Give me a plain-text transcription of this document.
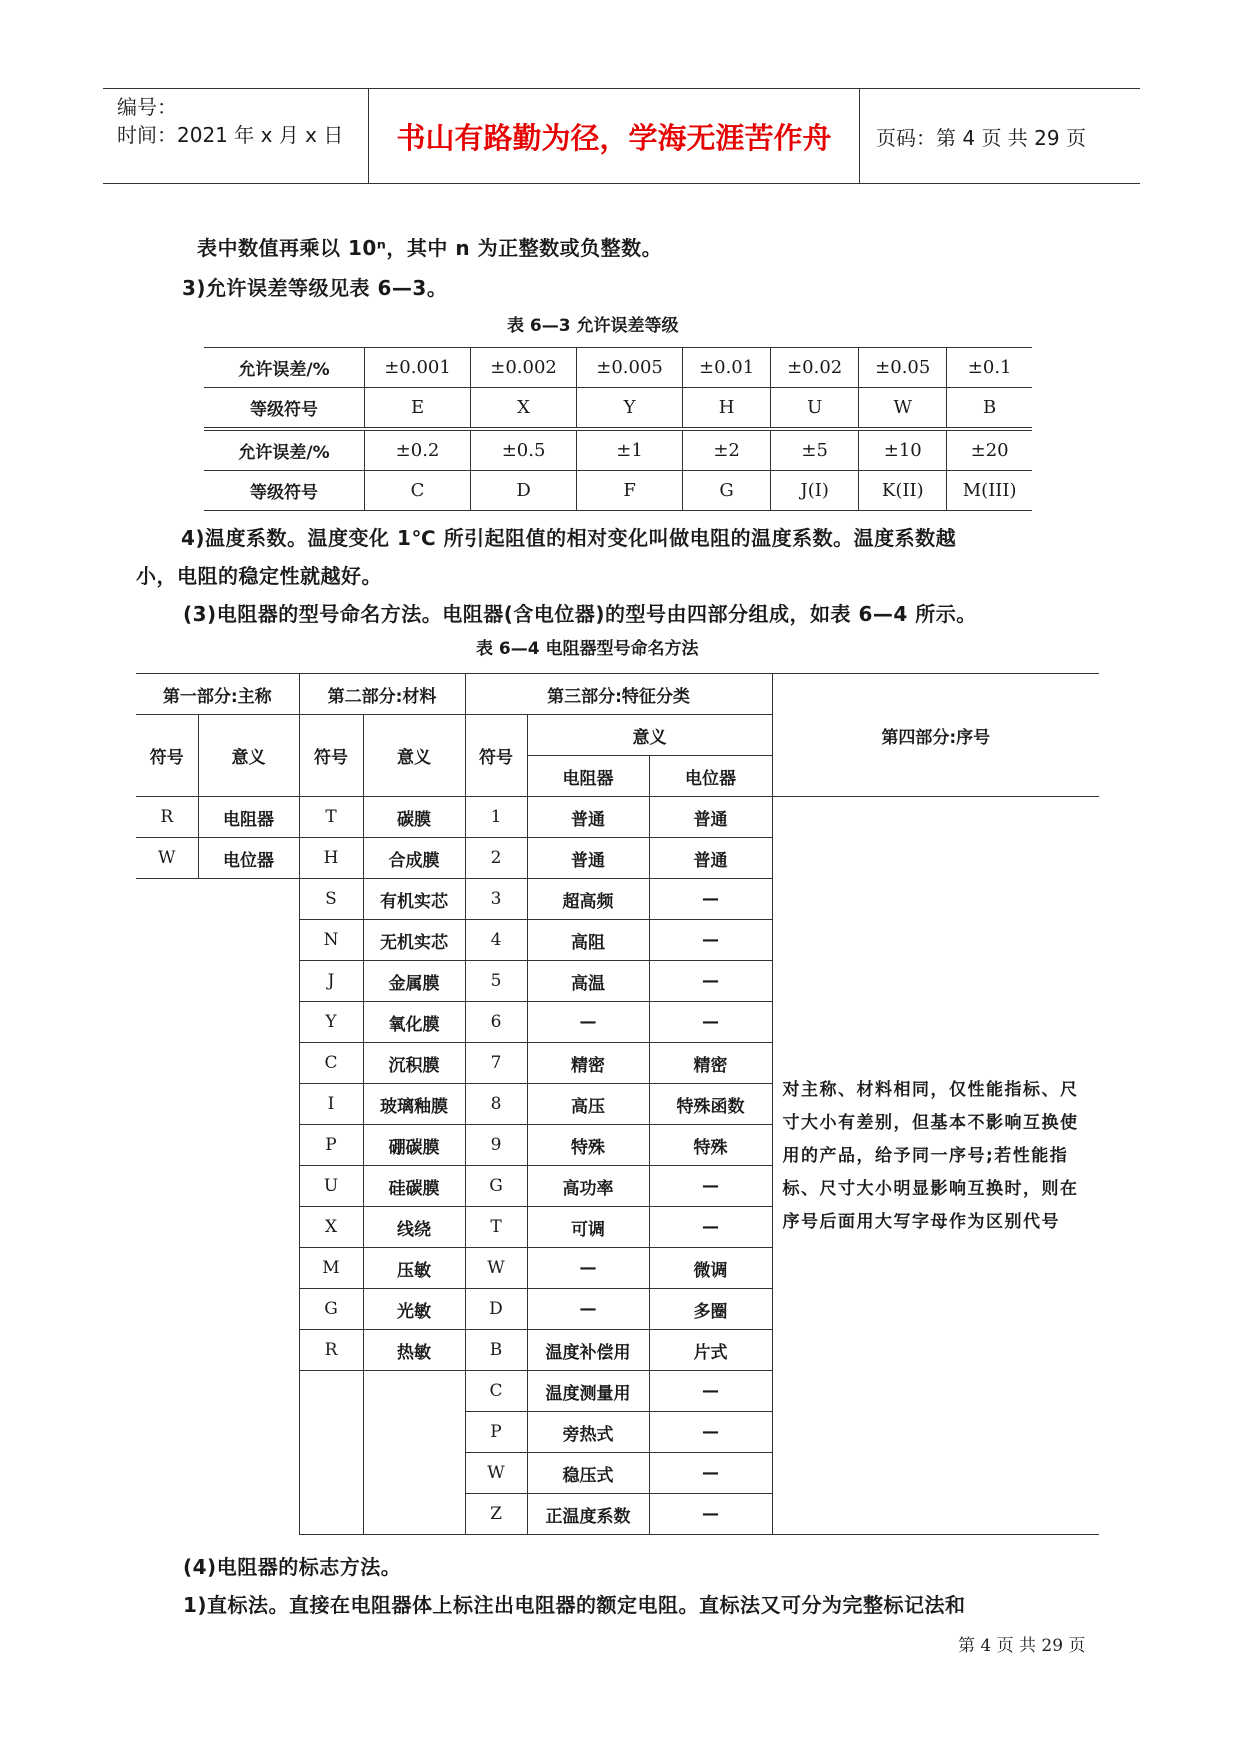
编号：
时间：2021 年 x 月 x 日	书山有路勤为径，学海无涯苦作舟	页码：第 4 页 共 29 页
表中数值再乘以 10ⁿ，其中 n 为正整数或负整数。
3)允许误差等级见表 6—3。
表 6—3 允许误差等级
允许误差/%	±0.001	±0.002	±0.005	±0.01	±0.02	±0.05	±0.1
等级符号	E	X	Y	H	U	W	B
允许误差/%	±0.2	±0.5	±1	±2	±5	±10	±20
等级符号	C	D	F	G	J(I)	K(II)	M(III)
4)温度系数。温度变化 1℃ 所引起阻值的相对变化叫做电阻的温度系数。温度系数越
小，电阻的稳定性就越好。
(3)电阻器的型号命名方法。电阻器(含电位器)的型号由四部分组成，如表 6—4 所示。
表 6—4 电阻器型号命名方法
第一部分:主称		第二部分:材料		第三部分:特征分类			第四部分:序号
符号	意义	符号	意义	符号	意义		
					电阻器	电位器	
R	电阻器	T	碳膜	1	普通	普通	对主称、材料相同，仅性能指标、尺寸大小有差别，但基本不影响互换使用的产品，给予同一序号;若性能指标、尺寸大小明显影响互换时，则在序号后面用大写字母作为区别代号
W	电位器	H	合成膜	2	普通	普通	
		S	有机实芯	3	超高频	—	
		N	无机实芯	4	高阻	—	
		J	金属膜	5	高温	—	
		Y	氧化膜	6	—	—	
		C	沉积膜	7	精密	精密	
		I	玻璃釉膜	8	高压	特殊函数	
		P	硼碳膜	9	特殊	特殊	
		U	硅碳膜	G	高功率	—	
		X	线绕	T	可调	—	
		M	压敏	W	—	微调	
		G	光敏	D	—	多圈	
		R	热敏	B	温度补偿用	片式	
				C	温度测量用	—	
				P	旁热式	—	
				W	稳压式	—	
				Z	正温度系数	—	
(4)电阻器的标志方法。
1)直标法。直接在电阻器体上标注出电阻器的额定电阻。直标法又可分为完整标记法和
第 4 页 共 29 页
